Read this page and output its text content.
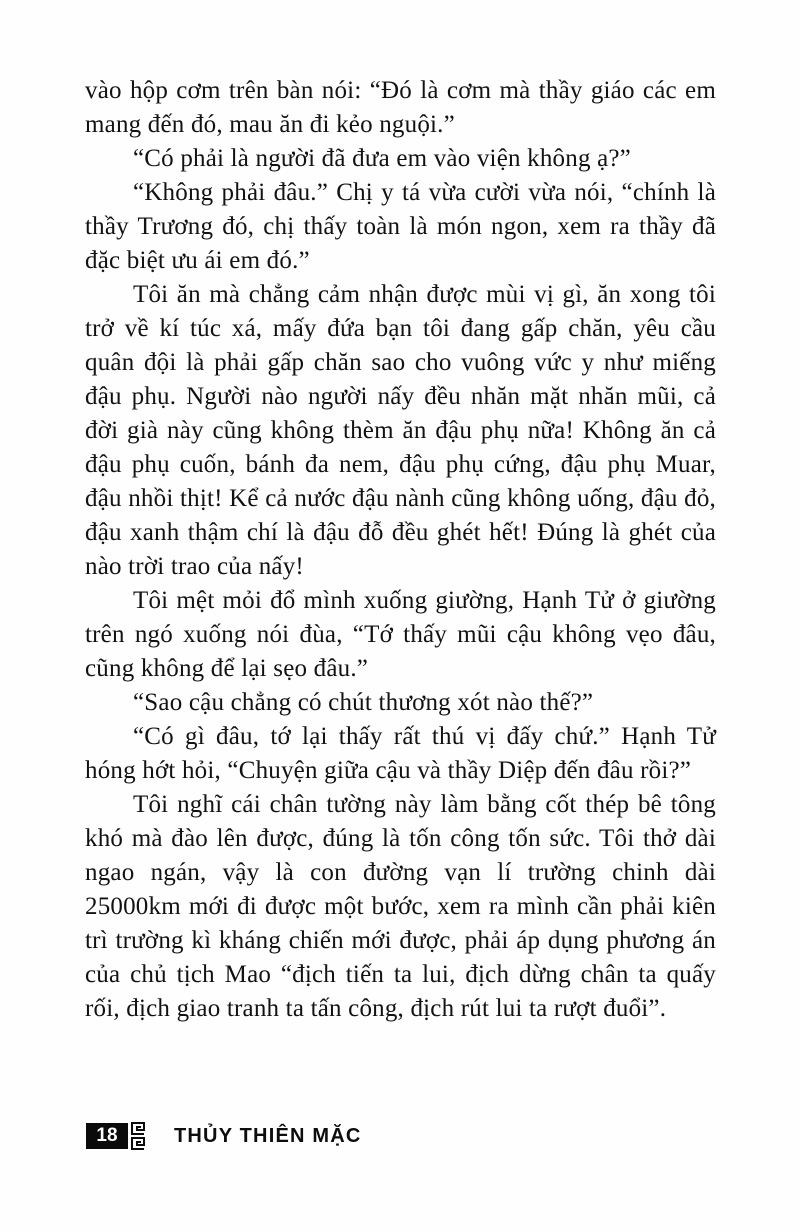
vào hộp cơm trên bàn nói: “Đó là cơm mà thầy giáo các em mang đến đó, mau ăn đi kẻo nguội.”

“Có phải là người đã đưa em vào viện không ạ?”

“Không phải đâu.” Chị y tá vừa cười vừa nói, “chính là thầy Trương đó, chị thấy toàn là món ngon, xem ra thầy đã đặc biệt ưu ái em đó.”

Tôi ăn mà chẳng cảm nhận được mùi vị gì, ăn xong tôi trở về kí túc xá, mấy đứa bạn tôi đang gấp chăn, yêu cầu quân đội là phải gấp chăn sao cho vuông vức y như miếng đậu phụ. Người nào người nấy đều nhăn mặt nhăn mũi, cả đời già này cũng không thèm ăn đậu phụ nữa! Không ăn cả đậu phụ cuốn, bánh đa nem, đậu phụ cứng, đậu phụ Muar, đậu nhồi thịt! Kể cả nước đậu nành cũng không uống, đậu đỏ, đậu xanh thậm chí là đậu đỗ đều ghét hết! Đúng là ghét của nào trời trao của nấy!

Tôi mệt mỏi đổ mình xuống giường, Hạnh Tử ở giường trên ngó xuống nói đùa, “Tớ thấy mũi cậu không vẹo đâu, cũng không để lại sẹo đâu.”

“Sao cậu chẳng có chút thương xót nào thế?”

“Có gì đâu, tớ lại thấy rất thú vị đấy chứ.” Hạnh Tử hóng hớt hỏi, “Chuyện giữa cậu và thầy Diệp đến đâu rồi?”

Tôi nghĩ cái chân tường này làm bằng cốt thép bê tông khó mà đào lên được, đúng là tốn công tốn sức. Tôi thở dài ngao ngán, vậy là con đường vạn lí trường chinh dài 25000km mới đi được một bước, xem ra mình cần phải kiên trì trường kì kháng chiến mới được, phải áp dụng phương án của chủ tịch Mao “địch tiến ta lui, địch dừng chân ta quấy rối, địch giao tranh ta tấn công, địch rút lui ta rượt đuổi”.

18	THỦY THIÊN MẶC
